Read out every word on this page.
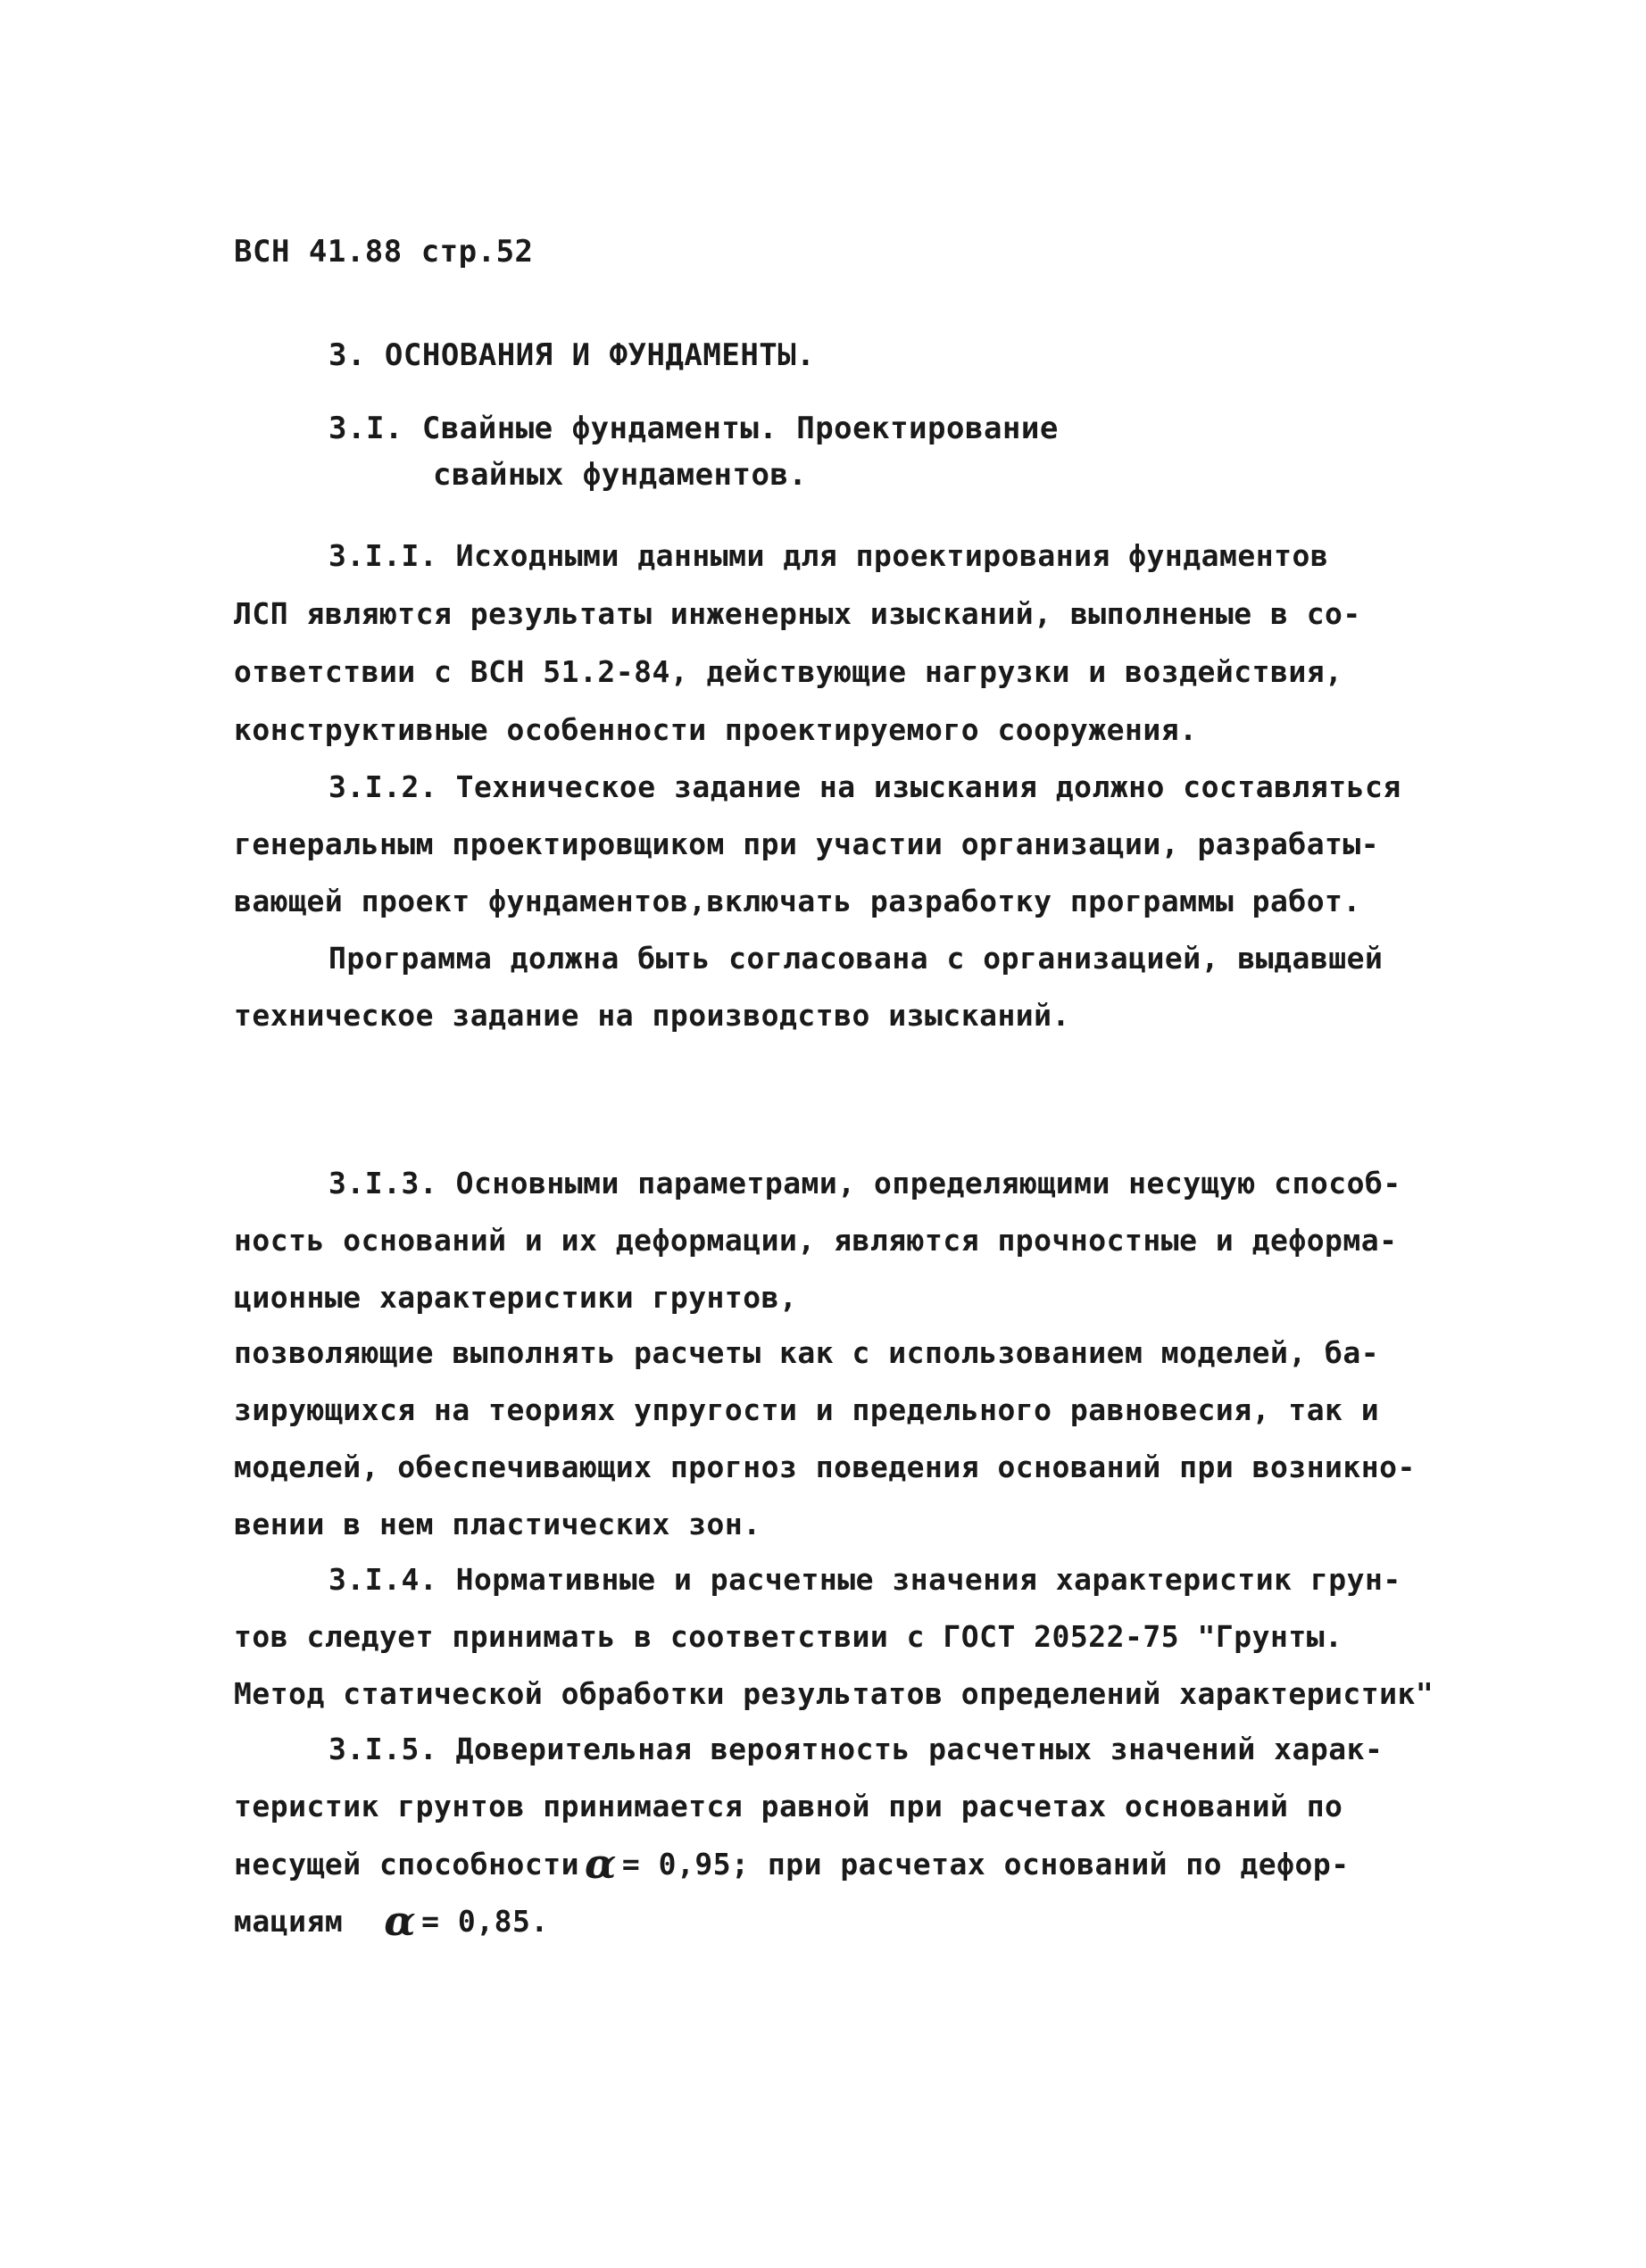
ВСН 41.88 стр.52
3. ОСНОВАНИЯ И ФУНДАМЕНТЫ.
3.I. Свайные фундаменты. Проектирование
свайных фундаментов.
3.I.I. Исходными данными для проектирования фундаментов
ЛСП являются результаты инженерных изысканий, выполненые в со-
ответствии с ВСН 51.2-84, действующие нагрузки и воздействия,
конструктивные особенности проектируемого сооружения.
3.I.2. Техническое задание на изыскания должно составляться
генеральным проектировщиком при участии организации, разрабаты-
вающей проект фундаментов,включать разработку программы работ.
Программа должна быть согласована с организацией, выдавшей
техническое задание на производство изысканий.
3.I.3. Основными параметрами, определяющими несущую способ-
ность оснований и их деформации, являются прочностные и деформа-
ционные характеристики грунтов,
позволяющие выполнять расчеты как с использованием моделей, ба-
зирующихся на теориях упругости и предельного равновесия, так и
моделей, обеспечивающих прогноз поведения оснований при возникно-
вении в нем пластических зон.
3.I.4. Нормативные и расчетные значения характеристик грун-
тов следует принимать в соответствии с ГОСТ 20522-75 "Грунты.
Метод статической обработки результатов определений характеристик"
3.I.5. Доверительная вероятность расчетных значений харак-
теристик грунтов принимается равной при расчетах оснований по
несущей способности α = 0,95; при расчетах оснований по дефор-
мациям α = 0,85.
